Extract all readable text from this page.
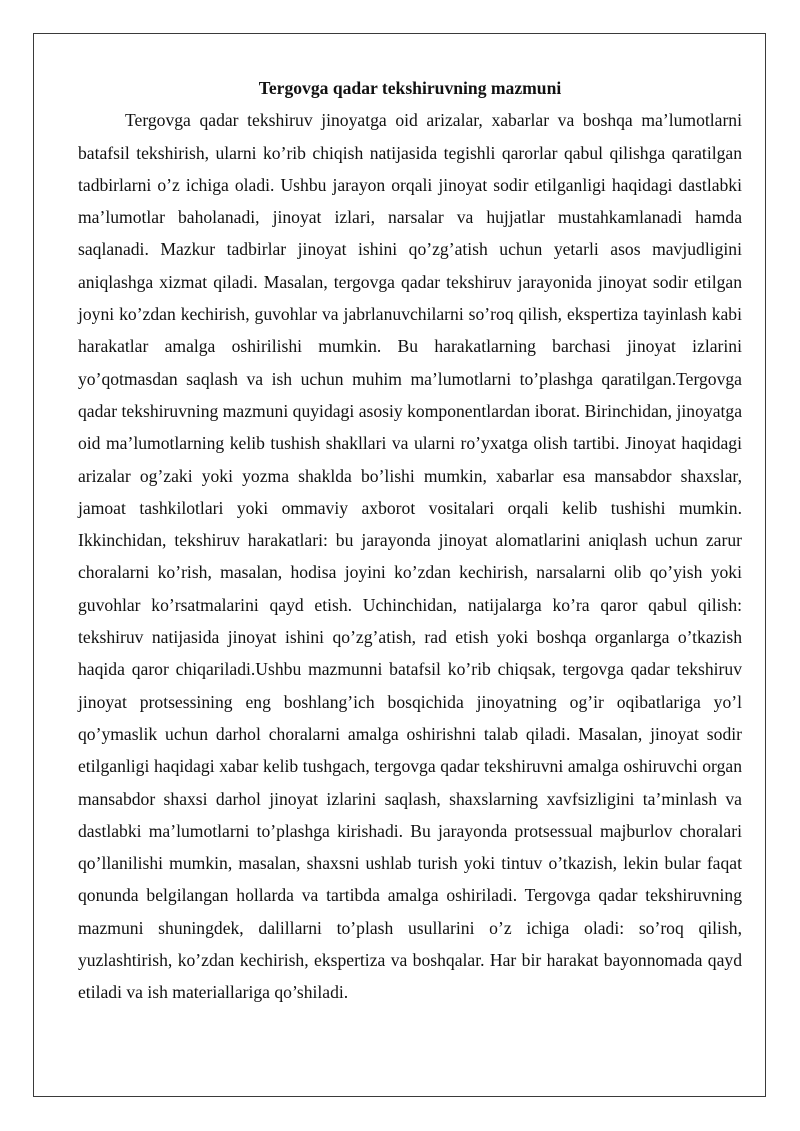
Tergovga qadar tekshiruvning mazmuni

Tergovga qadar tekshiruv jinoyatga oid arizalar, xabarlar va boshqa ma’lumotlarni batafsil tekshirish, ularni ko’rib chiqish natijasida tegishli qarorlar qabul qilishga qaratilgan tadbirlarni o’z ichiga oladi. Ushbu jarayon orqali jinoyat sodir etilganligi haqidagi dastlabki ma’lumotlar baholanadi, jinoyat izlari, narsalar va hujjatlar mustahkamlanadi hamda saqlanadi. Mazkur tadbirlar jinoyat ishini qo’zg’atish uchun yetarli asos mavjudligini aniqlashga xizmat qiladi. Masalan, tergovga qadar tekshiruv jarayonida jinoyat sodir etilgan joyni ko’zdan kechirish, guvohlar va jabrlanuvchilarni so’roq qilish, ekspertiza tayinlash kabi harakatlar amalga oshirilishi mumkin. Bu harakatlarning barchasi jinoyat izlarini yo’qotmasdan saqlash va ish uchun muhim ma’lumotlarni to’plashga qaratilgan.Tergovga qadar tekshiruvning mazmuni quyidagi asosiy komponentlardan iborat. Birinchidan, jinoyatga oid ma’lumotlarning kelib tushish shakllari va ularni ro’yxatga olish tartibi. Jinoyat haqidagi arizalar og’zaki yoki yozma shaklda bo’lishi mumkin, xabarlar esa mansabdor shaxslar, jamoat tashkilotlari yoki ommaviy axborot vositalari orqali kelib tushishi mumkin. Ikkinchidan, tekshiruv harakatlari: bu jarayonda jinoyat alomatlarini aniqlash uchun zarur choralarni ko’rish, masalan, hodisa joyini ko’zdan kechirish, narsalarni olib qo’yish yoki guvohlar ko’rsatmalarini qayd etish. Uchinchidan, natijalarga ko’ra qaror qabul qilish: tekshiruv natijasida jinoyat ishini qo’zg’atish, rad etish yoki boshqa organlarga o’tkazish haqida qaror chiqariladi.Ushbu mazmunni batafsil ko’rib chiqsak, tergovga qadar tekshiruv jinoyat protsessining eng boshlang’ich bosqichida jinoyatning og’ir oqibatlariga yo’l qo’ymaslik uchun darhol choralarni amalga oshirishni talab qiladi. Masalan, jinoyat sodir etilganligi haqidagi xabar kelib tushgach, tergovga qadar tekshiruvni amalga oshiruvchi organ mansabdor shaxsi darhol jinoyat izlarini saqlash, shaxslarning xavfsizligini ta’minlash va dastlabki ma’lumotlarni to’plashga kirishadi. Bu jarayonda protsessual majburlov choralari qo’llanilishi mumkin, masalan, shaxsni ushlab turish yoki tintuv o’tkazish, lekin bular faqat qonunda belgilangan hollarda va tartibda amalga oshiriladi. Tergovga qadar tekshiruvning mazmuni shuningdek, dalillarni to’plash usullarini o’z ichiga oladi: so’roq qilish, yuzlashtirish, ko’zdan kechirish, ekspertiza va boshqalar. Har bir harakat bayonnomada qayd etiladi va ish materiallariga qo’shiladi.
